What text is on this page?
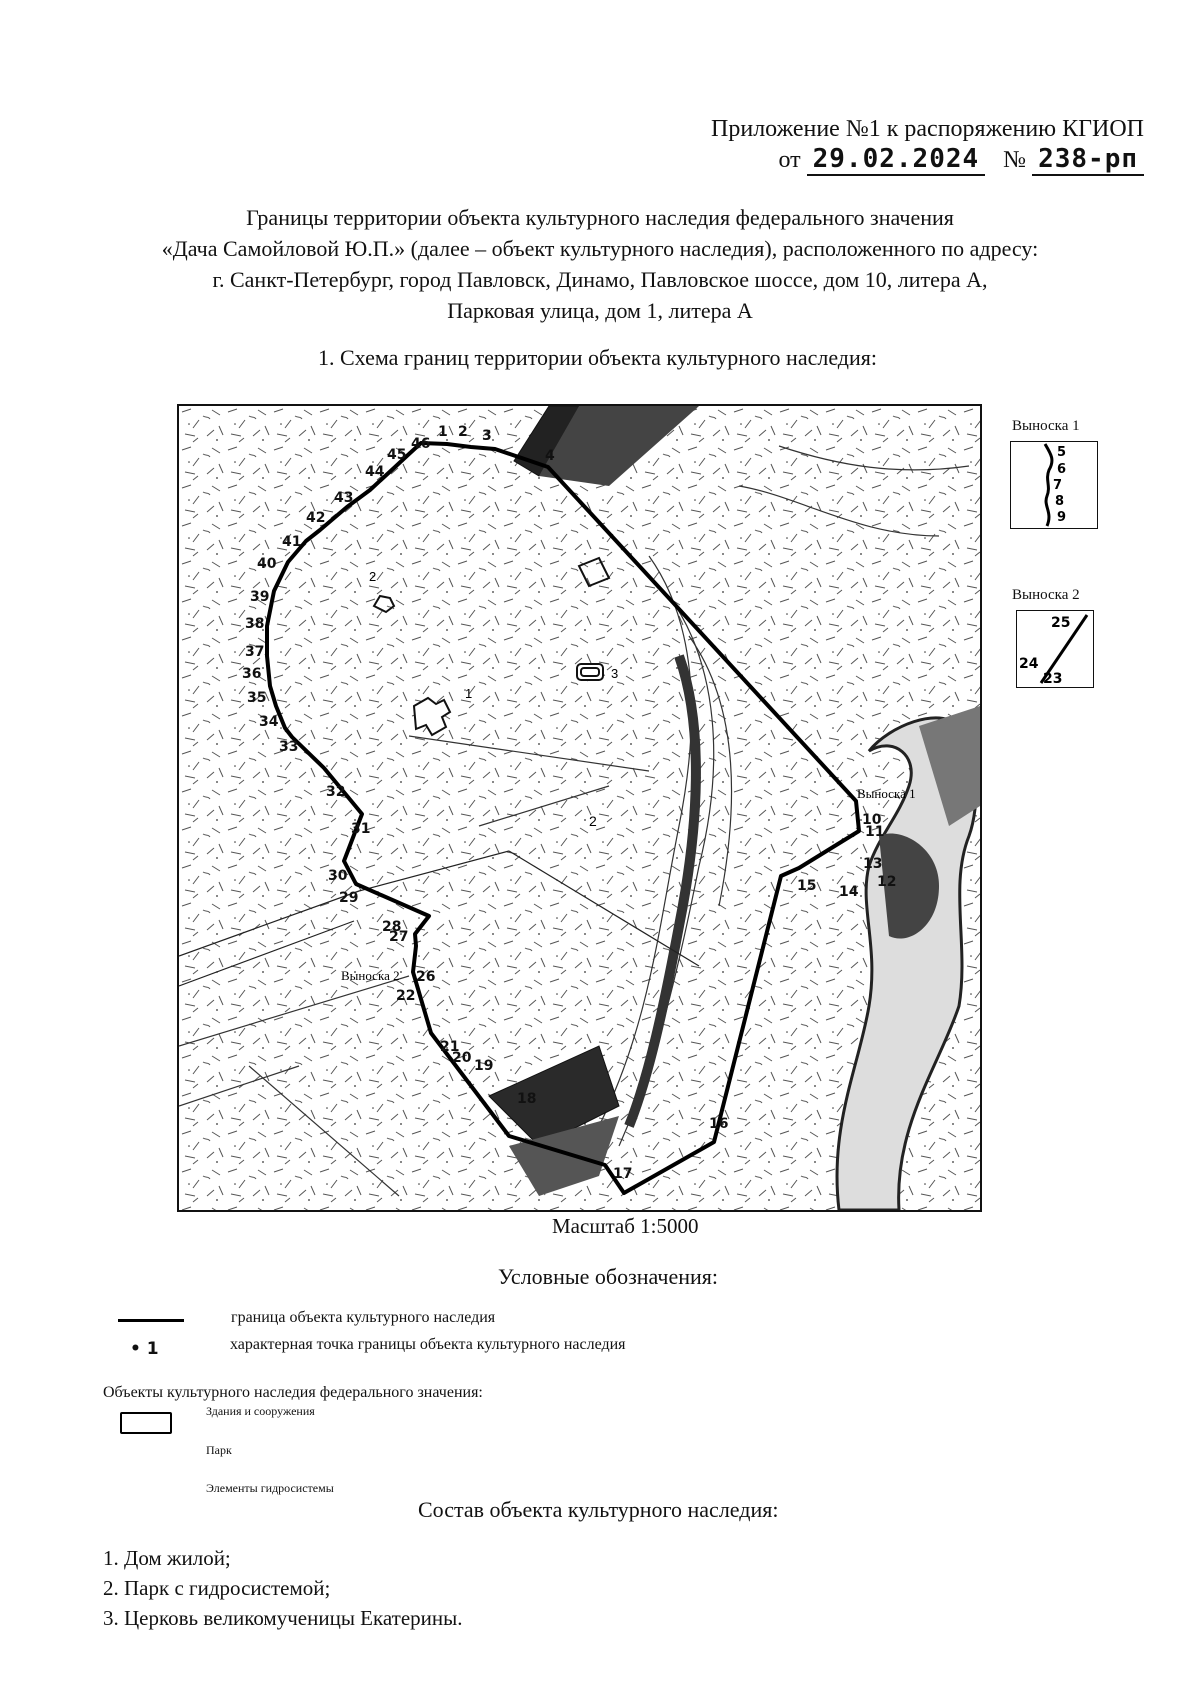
Приложение №1 к распоряжению КГИОП
от 29.02.2024 № 238-рп
Границы территории объекта культурного наследия федерального значения
«Дача Самойловой Ю.П.» (далее – объект культурного наследия), расположенного по адресу:
г. Санкт-Петербург, город Павловск, Динамо, Павловское шоссе, дом 10, литера А,
Парковая улица, дом 1, литера А
1. Схема границ территории объекта культурного наследия:
2
1
3
2
Выноска 1
Выноска 2
1 2 3
4
10
11
12
13
14
15
16
17
18
19
20
21
22
26
27
28
29
30
31
32
33
34
35
36
37
38
39
40
41
42
43
44
45
46
Масштаб 1:5000
Выноска 1
5
6
7
8
9
Выноска 2
25
24
23
Условные обозначения:
граница объекта культурного наследия
• 1	характерная точка границы объекта культурного наследия
Объекты культурного наследия федерального значения:
Здания и сооружения
Парк
Элементы гидросистемы
Состав объекта культурного наследия:
1. Дом жилой;
2. Парк с гидросистемой;
3. Церковь великомученицы Екатерины.
